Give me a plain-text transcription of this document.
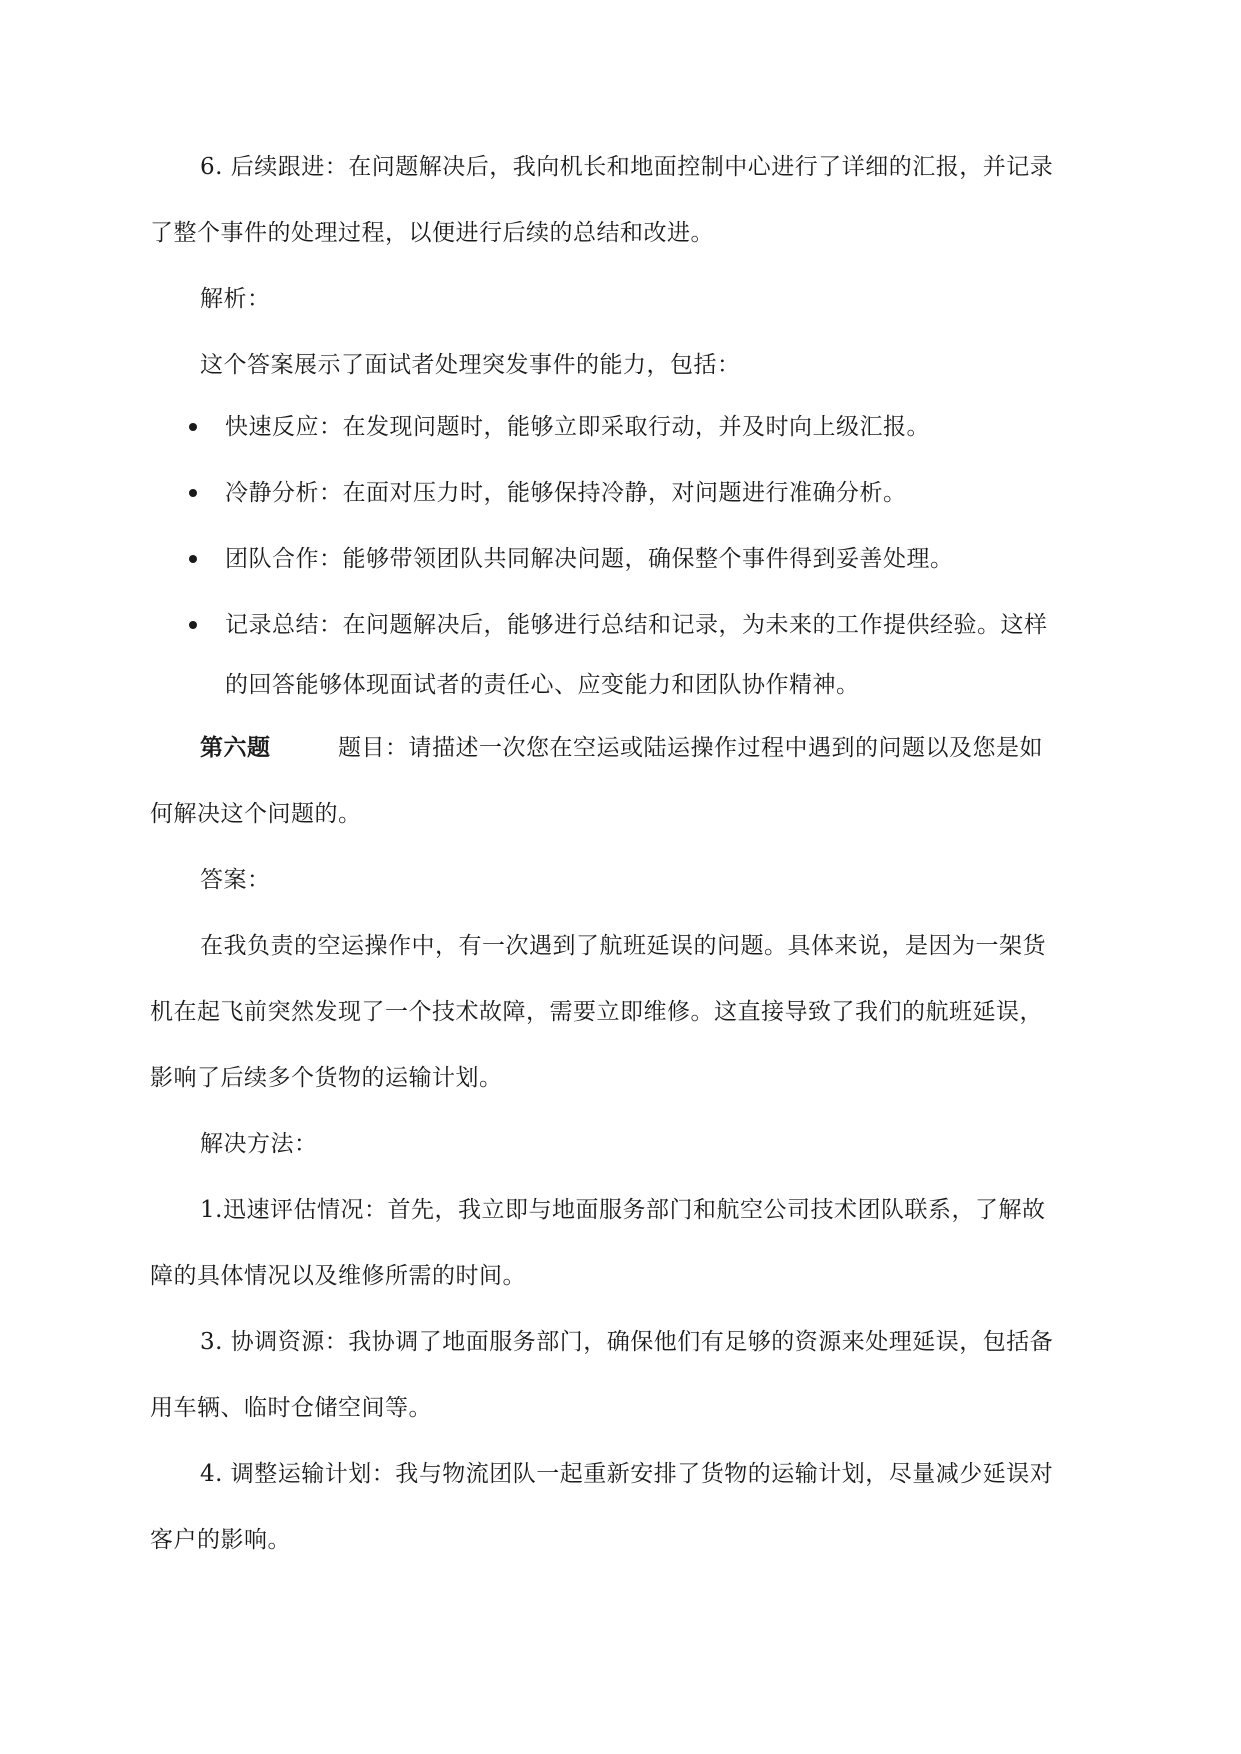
6. 后续跟进：在问题解决后，我向机长和地面控制中心进行了详细的汇报，并记录
了整个事件的处理过程，以便进行后续的总结和改进。
解析：
这个答案展示了面试者处理突发事件的能力，包括：
快速反应：在发现问题时，能够立即采取行动，并及时向上级汇报。
冷静分析：在面对压力时，能够保持冷静，对问题进行准确分析。
团队合作：能够带领团队共同解决问题，确保整个事件得到妥善处理。
记录总结：在问题解决后，能够进行总结和记录，为未来的工作提供经验。这样
的回答能够体现面试者的责任心、应变能力和团队协作精神。
第六题	题目：请描述一次您在空运或陆运操作过程中遇到的问题以及您是如
何解决这个问题的。
答案：
在我负责的空运操作中，有一次遇到了航班延误的问题。具体来说，是因为一架货
机在起飞前突然发现了一个技术故障，需要立即维修。这直接导致了我们的航班延误，
影响了后续多个货物的运输计划。
解决方法：
1.迅速评估情况：首先，我立即与地面服务部门和航空公司技术团队联系，了解故
障的具体情况以及维修所需的时间。
3. 协调资源：我协调了地面服务部门，确保他们有足够的资源来处理延误，包括备
用车辆、临时仓储空间等。
4. 调整运输计划：我与物流团队一起重新安排了货物的运输计划，尽量减少延误对
客户的影响。
